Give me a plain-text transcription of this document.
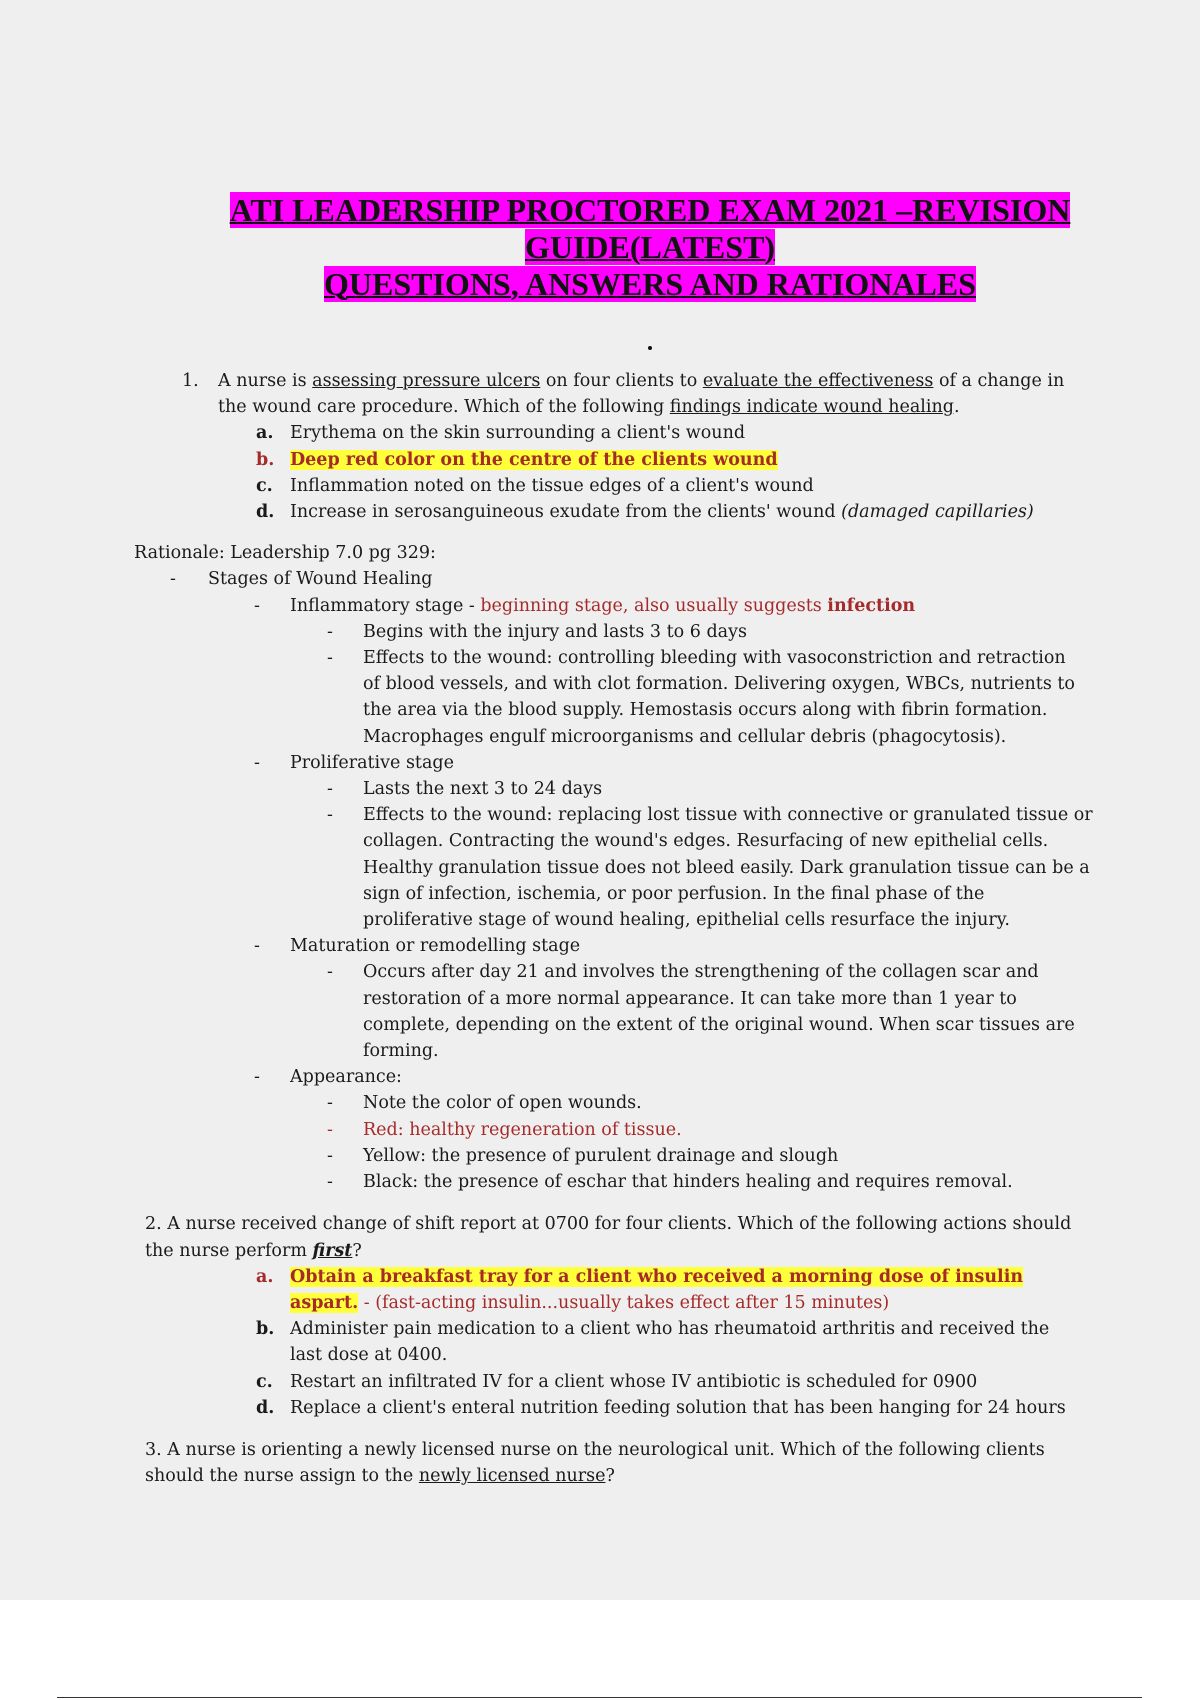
ATI LEADERSHIP PROCTORED EXAM 2021 –REVISION
GUIDE(LATEST)
QUESTIONS, ANSWERS AND RATIONALES
1. A nurse is assessing pressure ulcers on four clients to evaluate the effectiveness of a change in
the wound care procedure. Which of the following findings indicate wound healing.
a. Erythema on the skin surrounding a client's wound
b. Deep red color on the centre of the clients wound
c. Inflammation noted on the tissue edges of a client's wound
d. Increase in serosanguineous exudate from the clients' wound (damaged capillaries)
Rationale: Leadership 7.0 pg 329:
- Stages of Wound Healing
- Inflammatory stage - beginning stage, also usually suggests infection
- Begins with the injury and lasts 3 to 6 days
- Effects to the wound: controlling bleeding with vasoconstriction and retraction
of blood vessels, and with clot formation. Delivering oxygen, WBCs, nutrients to
the area via the blood supply. Hemostasis occurs along with fibrin formation.
Macrophages engulf microorganisms and cellular debris (phagocytosis).
- Proliferative stage
- Lasts the next 3 to 24 days
- Effects to the wound: replacing lost tissue with connective or granulated tissue or
collagen. Contracting the wound's edges. Resurfacing of new epithelial cells.
Healthy granulation tissue does not bleed easily. Dark granulation tissue can be a
sign of infection, ischemia, or poor perfusion. In the final phase of the
proliferative stage of wound healing, epithelial cells resurface the injury.
- Maturation or remodelling stage
- Occurs after day 21 and involves the strengthening of the collagen scar and
restoration of a more normal appearance. It can take more than 1 year to
complete, depending on the extent of the original wound. When scar tissues are
forming.
- Appearance:
- Note the color of open wounds.
- Red: healthy regeneration of tissue.
- Yellow: the presence of purulent drainage and slough
- Black: the presence of eschar that hinders healing and requires removal.
2. A nurse received change of shift report at 0700 for four clients. Which of the following actions should
the nurse perform first?
a. Obtain a breakfast tray for a client who received a morning dose of insulin
aspart. - (fast-acting insulin...usually takes effect after 15 minutes)
b. Administer pain medication to a client who has rheumatoid arthritis and received the
last dose at 0400.
c. Restart an infiltrated IV for a client whose IV antibiotic is scheduled for 0900
d. Replace a client's enteral nutrition feeding solution that has been hanging for 24 hours
3. A nurse is orienting a newly licensed nurse on the neurological unit. Which of the following clients
should the nurse assign to the newly licensed nurse?
